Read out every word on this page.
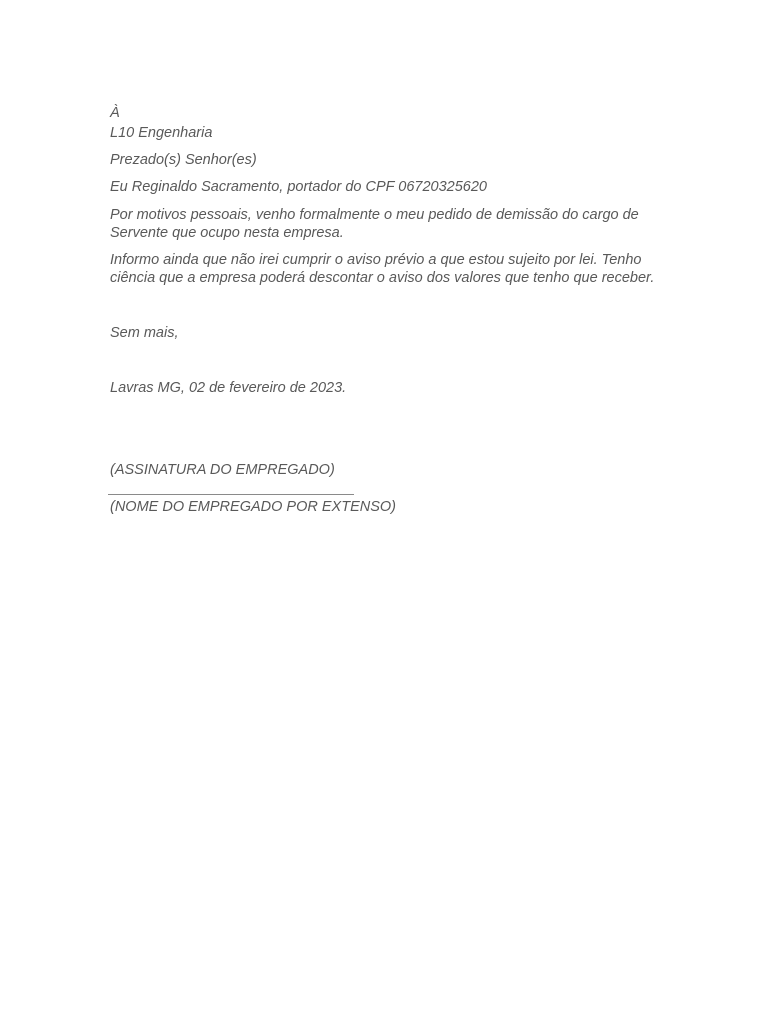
À

L10 Engenharia

Prezado(s) Senhor(es)

Eu Reginaldo Sacramento, portador do CPF 06720325620

Por motivos pessoais, venho formalmente o meu pedido de demissão do cargo de

Servente que ocupo nesta empresa.

Informo ainda que não irei cumprir o aviso prévio a que estou sujeito por lei. Tenho

ciência que a empresa poderá descontar o aviso dos valores que tenho que receber.

Sem mais,

Lavras MG, 02 de fevereiro de 2023.

(ASSINATURA DO EMPREGADO)

(NOME DO EMPREGADO POR EXTENSO)
